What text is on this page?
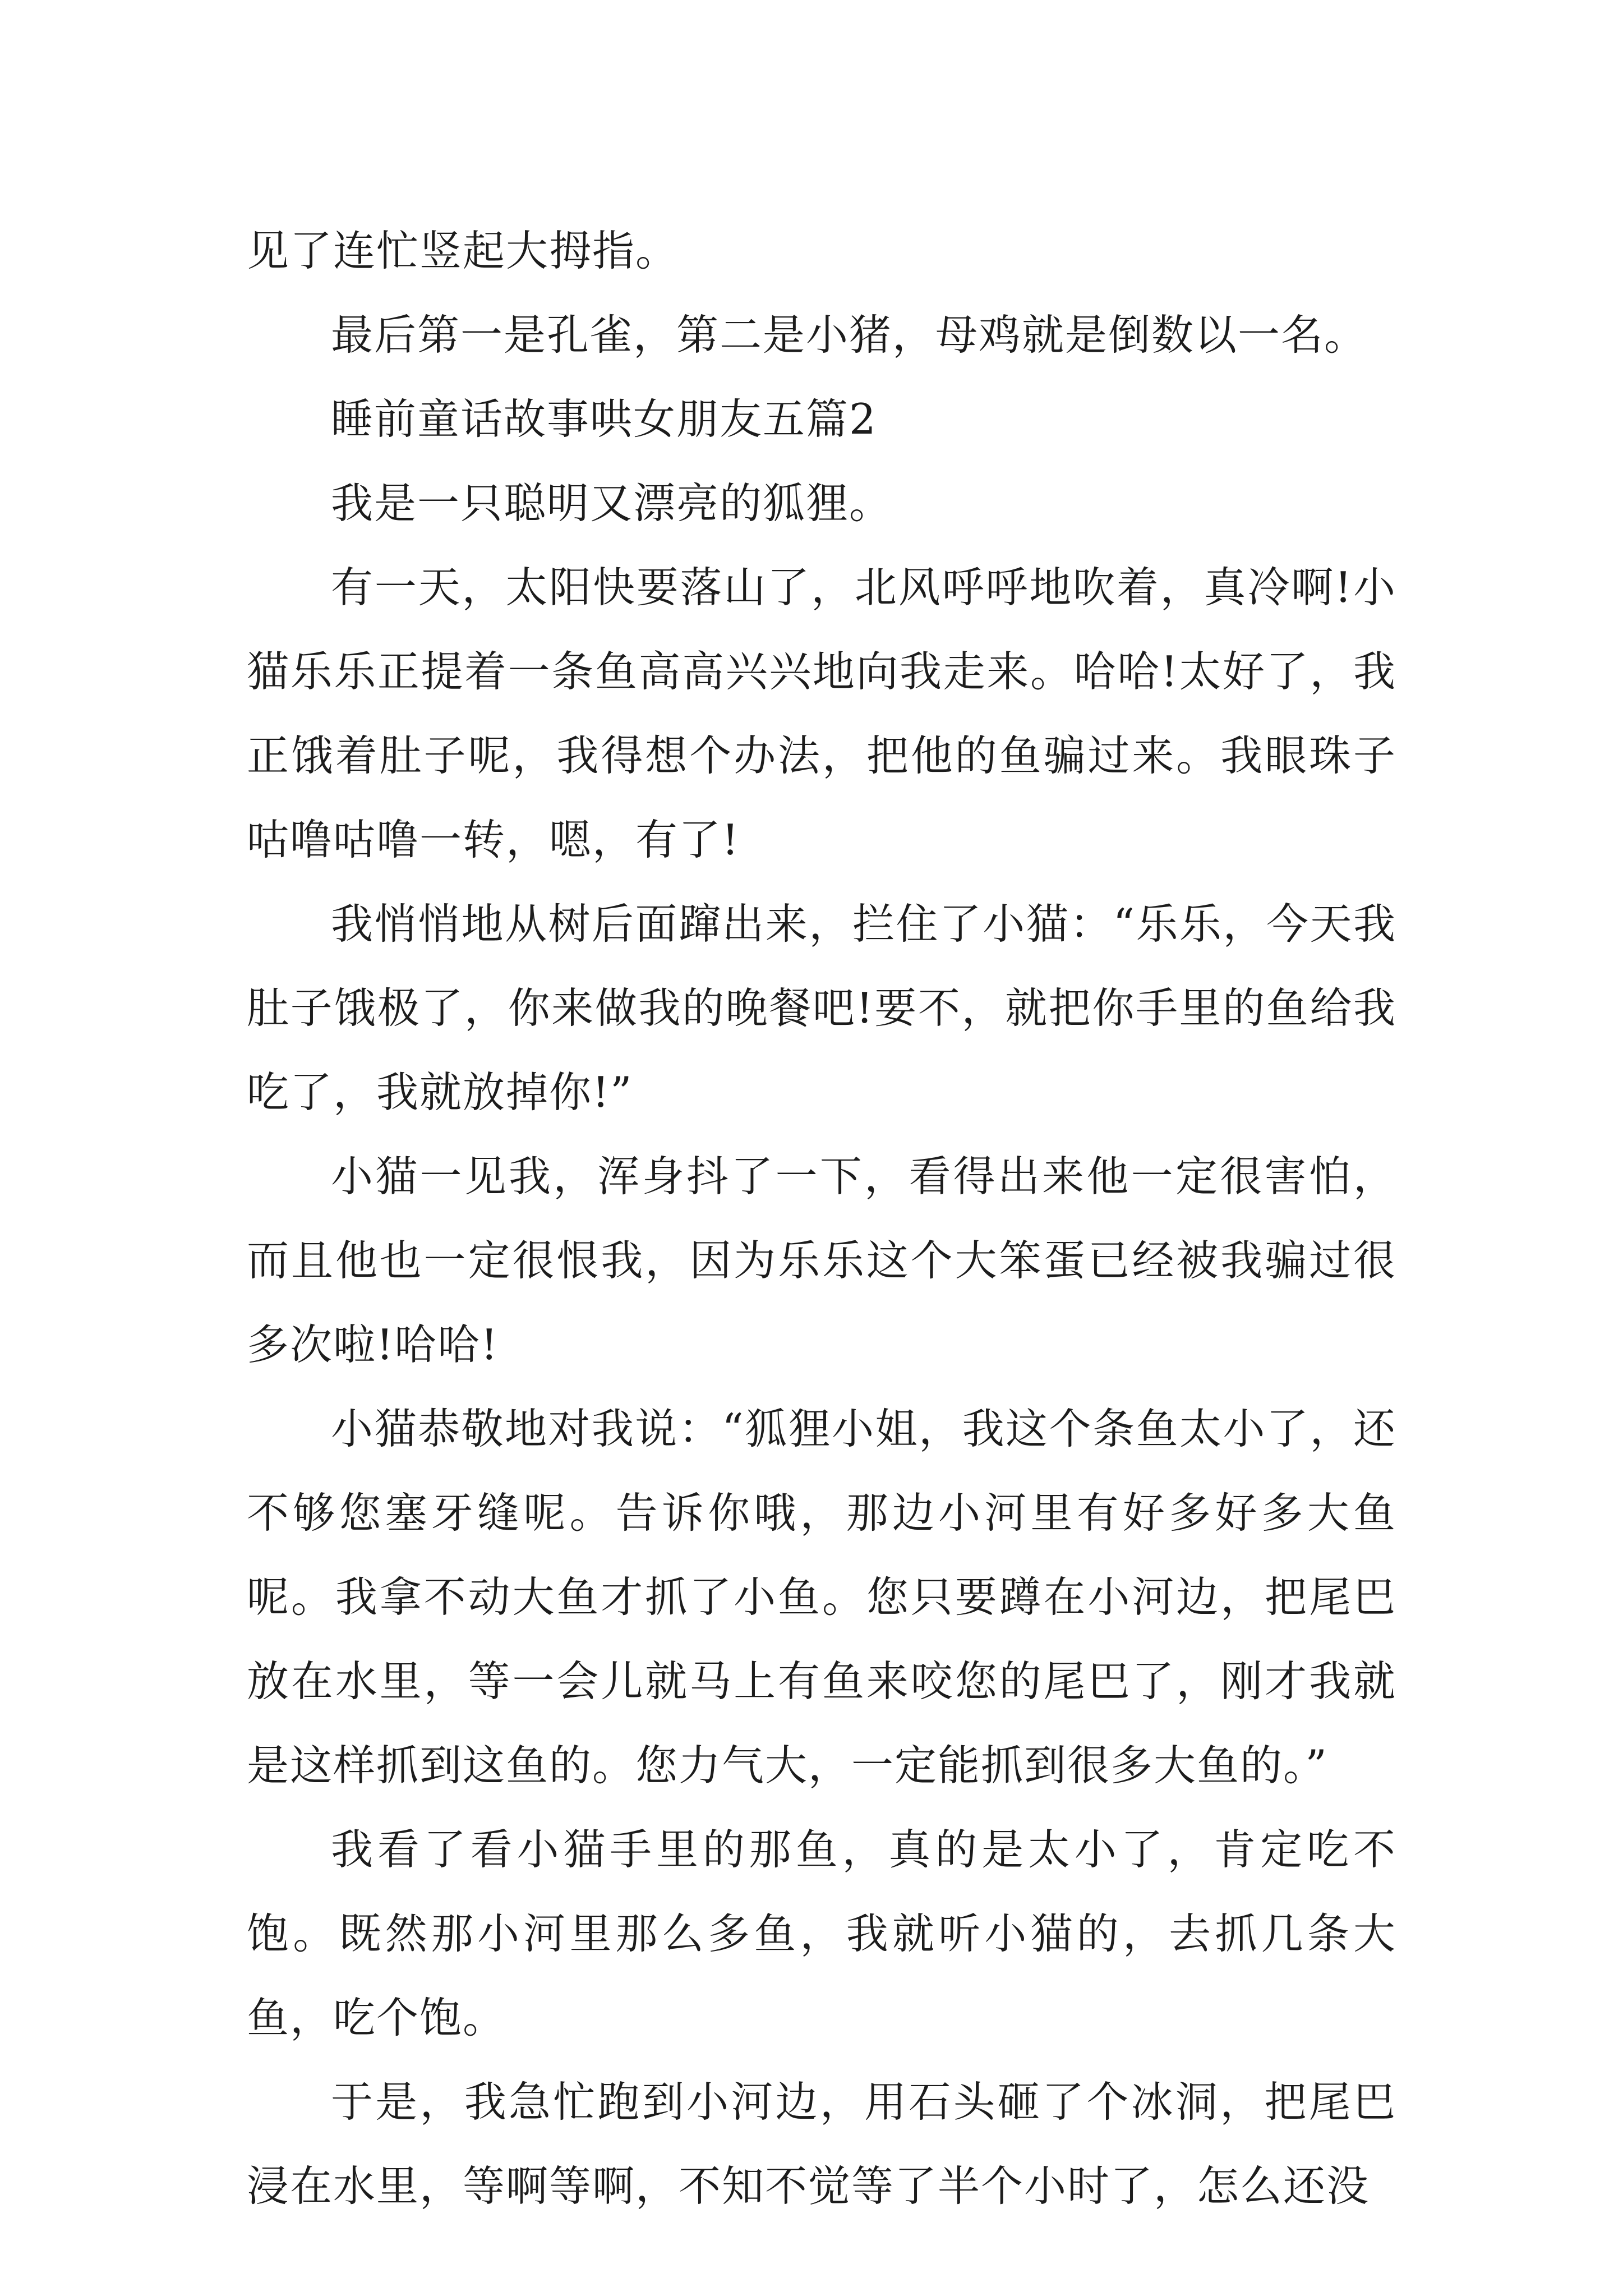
见了连忙竖起大拇指。

最后第一是孔雀，第二是小猪，母鸡就是倒数以一名。

睡前童话故事哄女朋友五篇2

我是一只聪明又漂亮的狐狸。

有一天，太阳快要落山了，北风呼呼地吹着，真冷啊!小猫乐乐正提着一条鱼高高兴兴地向我走来。哈哈!太好了，我正饿着肚子呢，我得想个办法，把他的鱼骗过来。我眼珠子咕噜咕噜一转，嗯，有了!

我悄悄地从树后面蹿出来，拦住了小猫：“乐乐，今天我肚子饿极了，你来做我的晚餐吧!要不，就把你手里的鱼给我吃了，我就放掉你!”

小猫一见我，浑身抖了一下，看得出来他一定很害怕，而且他也一定很恨我，因为乐乐这个大笨蛋已经被我骗过很多次啦!哈哈!

小猫恭敬地对我说：“狐狸小姐，我这个条鱼太小了，还不够您塞牙缝呢。告诉你哦，那边小河里有好多好多大鱼呢。我拿不动大鱼才抓了小鱼。您只要蹲在小河边，把尾巴放在水里，等一会儿就马上有鱼来咬您的尾巴了，刚才我就是这样抓到这鱼的。您力气大，一定能抓到很多大鱼的。”

我看了看小猫手里的那鱼，真的是太小了，肯定吃不饱。既然那小河里那么多鱼，我就听小猫的，去抓几条大鱼，吃个饱。

于是，我急忙跑到小河边，用石头砸了个冰洞，把尾巴浸在水里，等啊等啊，不知不觉等了半个小时了，怎么还没
